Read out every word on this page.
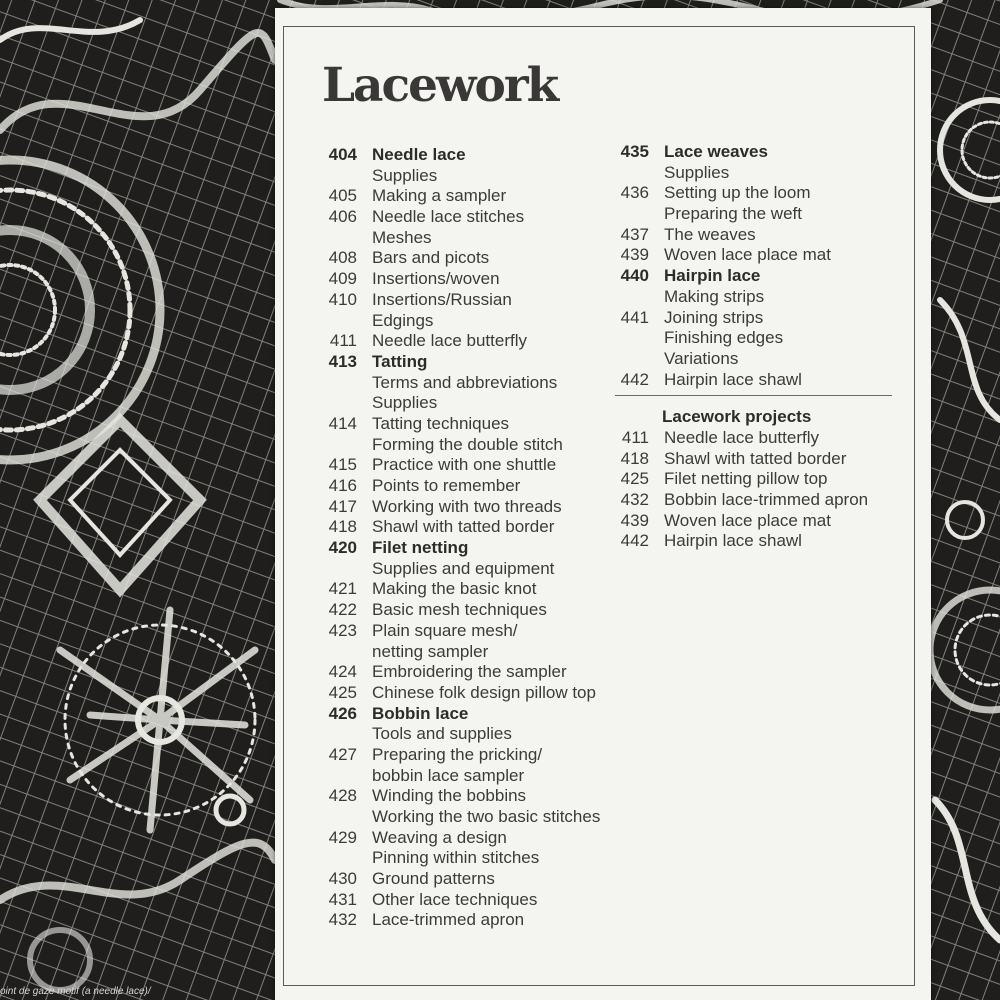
Lacework
404 Needle lace
Supplies
405 Making a sampler
406 Needle lace stitches
Meshes
408 Bars and picots
409 Insertions/woven
410 Insertions/Russian
Edgings
411 Needle lace butterfly
413 Tatting
Terms and abbreviations
Supplies
414 Tatting techniques
Forming the double stitch
415 Practice with one shuttle
416 Points to remember
417 Working with two threads
418 Shawl with tatted border
420 Filet netting
Supplies and equipment
421 Making the basic knot
422 Basic mesh techniques
423 Plain square mesh/
netting sampler
424 Embroidering the sampler
425 Chinese folk design pillow top
426 Bobbin lace
Tools and supplies
427 Preparing the pricking/
bobbin lace sampler
428 Winding the bobbins
Working the two basic stitches
429 Weaving a design
Pinning within stitches
430 Ground patterns
431 Other lace techniques
432 Lace-trimmed apron
435 Lace weaves
Supplies
436 Setting up the loom
Preparing the weft
437 The weaves
439 Woven lace place mat
440 Hairpin lace
Making strips
441 Joining strips
Finishing edges
Variations
442 Hairpin lace shawl
Lacework projects
411 Needle lace butterfly
418 Shawl with tatted border
425 Filet netting pillow top
432 Bobbin lace-trimmed apron
439 Woven lace place mat
442 Hairpin lace shawl
oint de gaze motif (a needle lace)/
